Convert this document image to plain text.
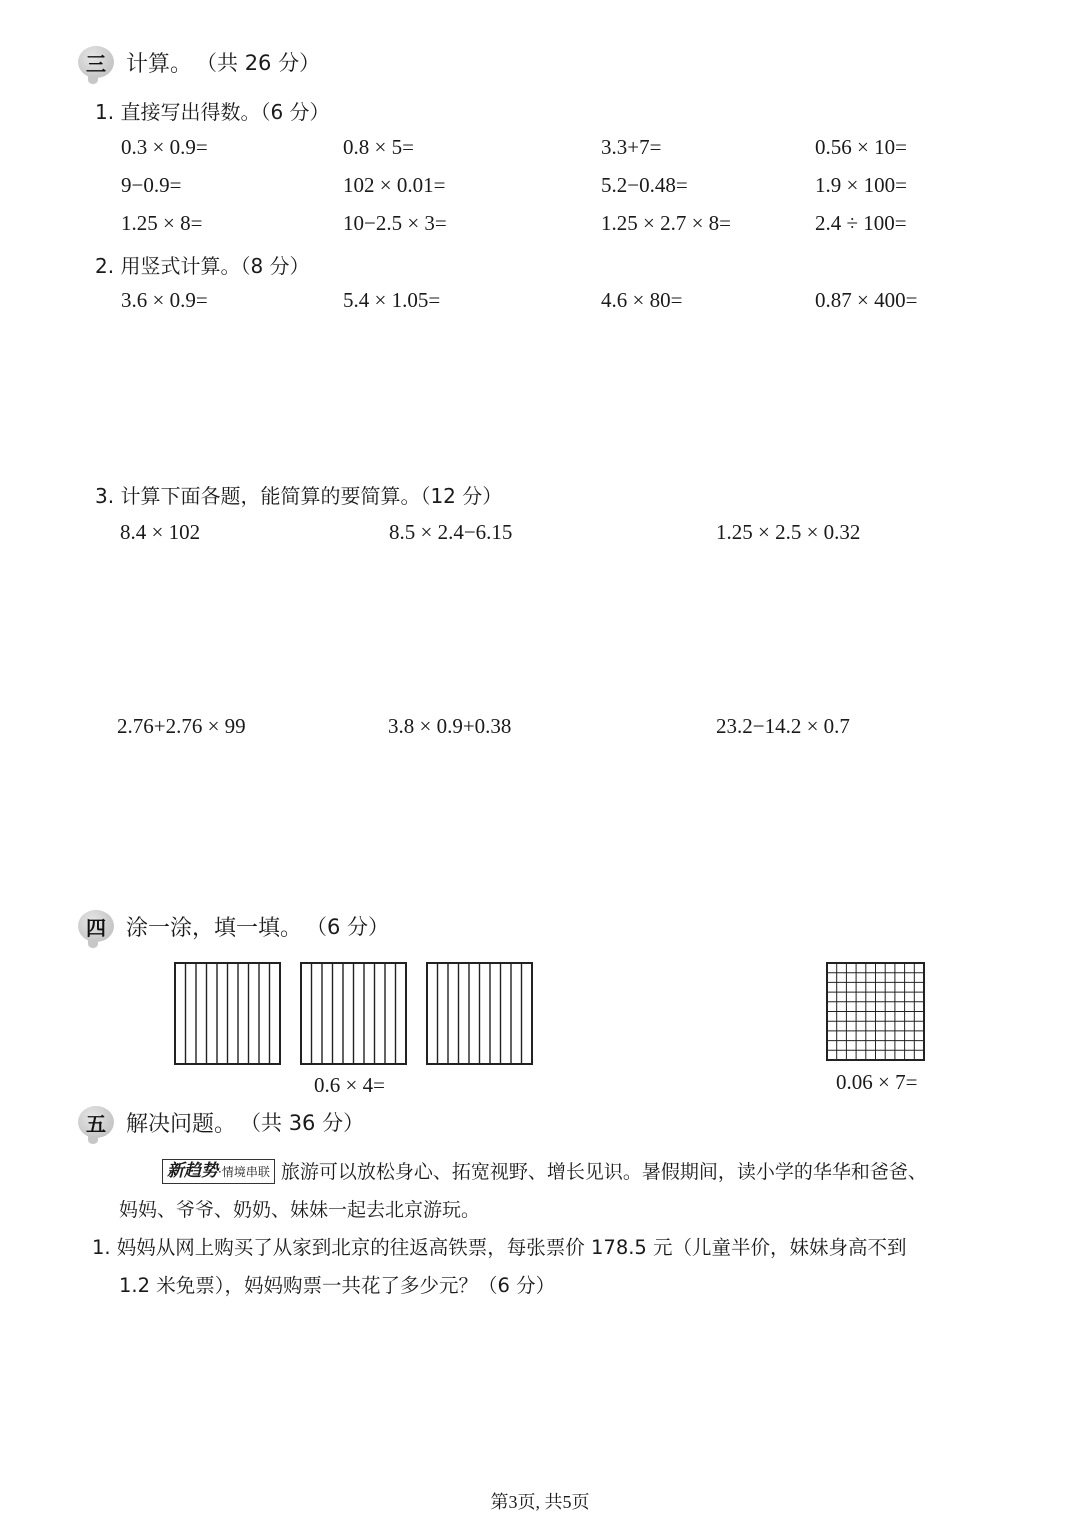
三 计算。 （共 26 分）
1. 直接写出得数。（6 分）
0.3 × 0.9=	0.8 × 5=	3.3+7=	0.56 × 10=
9−0.9=	102 × 0.01=	5.2−0.48=	1.9 × 100=
1.25 × 8=	10−2.5 × 3=	1.25 × 2.7 × 8=	2.4 ÷ 100=
2. 用竖式计算。（8 分）
3.6 × 0.9=	5.4 × 1.05=	4.6 × 80=	0.87 × 400=
3. 计算下面各题，能简算的要简算。（12 分）
8.4 × 102	8.5 × 2.4−6.15	1.25 × 2.5 × 0.32
2.76+2.76 × 99	3.8 × 0.9+0.38	23.2−14.2 × 0.7
四 涂一涂，填一填。 （6 分）
0.6 × 4=	0.06 × 7=
五 解决问题。 （共 36 分）
新趋势·情境串联 旅游可以放松身心、拓宽视野、增长见识。暑假期间，读小学的华华和爸爸、
妈妈、爷爷、奶奶、妹妹一起去北京游玩。
1. 妈妈从网上购买了从家到北京的往返高铁票，每张票价 178.5 元（儿童半价，妹妹身高不到
1.2 米免票），妈妈购票一共花了多少元？（6 分）
第3页, 共5页
